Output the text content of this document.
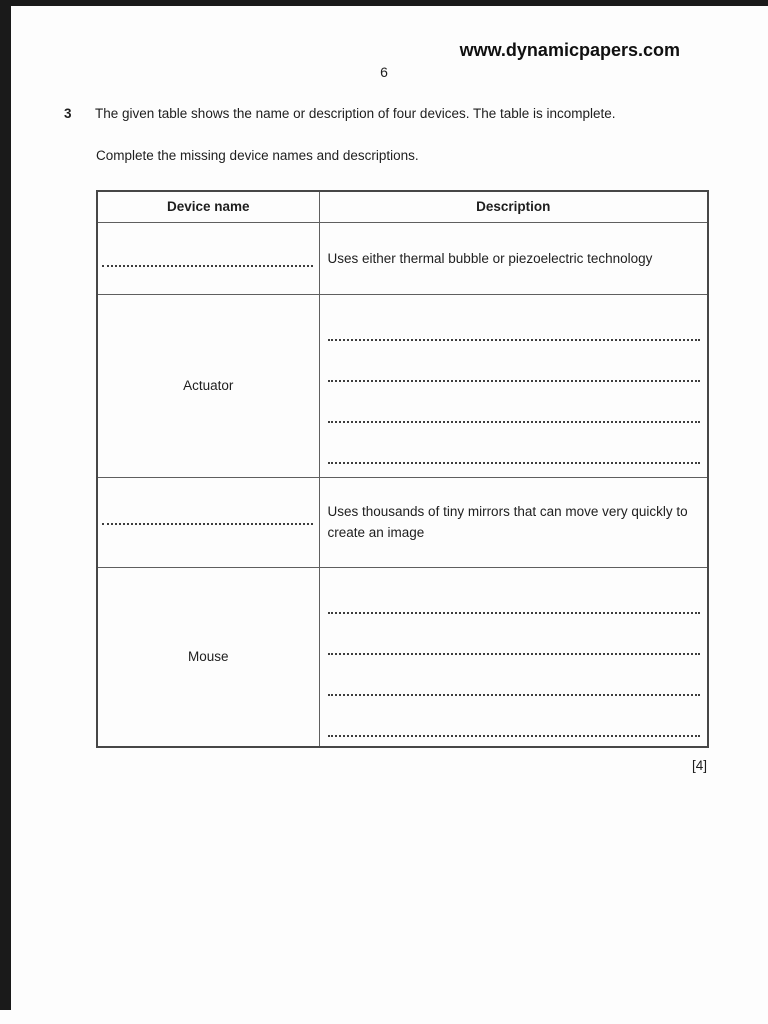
www.dynamicpapers.com
6
3 The given table shows the name or description of four devices. The table is incomplete.
Complete the missing device names and descriptions.
Device name	Description

	Uses either thermal bubble or piezoelectric technology

Actuator	

	Uses thousands of tiny mirrors that can move very quickly to create an image

Mouse	

[4]
